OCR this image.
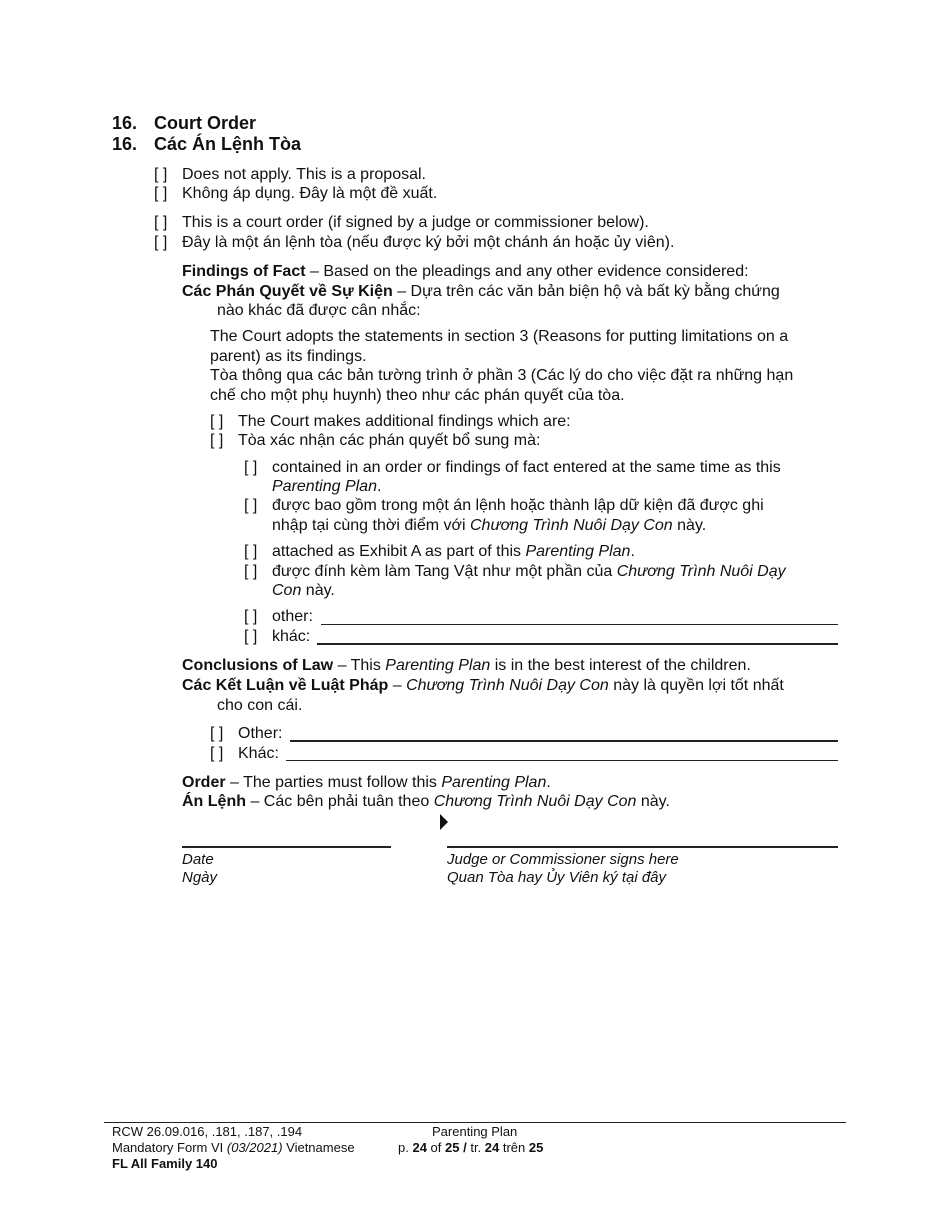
16. Court Order
16. Các Án Lệnh Tòa
[ ] Does not apply. This is a proposal.
[ ] Không áp dụng. Đây là một đề xuất.
[ ] This is a court order (if signed by a judge or commissioner below).
[ ] Đây là một án lệnh tòa (nếu được ký bởi một chánh án hoặc ủy viên).
Findings of Fact – Based on the pleadings and any other evidence considered:
Các Phán Quyết về Sự Kiện – Dựa trên các văn bản biện hộ và bất kỳ bằng chứng
nào khác đã được cân nhắc:
The Court adopts the statements in section 3 (Reasons for putting limitations on a
parent) as its findings.
Tòa thông qua các bản tường trình ở phần 3 (Các lý do cho việc đặt ra những hạn
chế cho một phụ huynh) theo như các phán quyết của tòa.
[ ] The Court makes additional findings which are:
[ ] Tòa xác nhận các phán quyết bổ sung mà:
[ ] contained in an order or findings of fact entered at the same time as this
Parenting Plan.
[ ] được bao gồm trong một án lệnh hoặc thành lập dữ kiện đã được ghi
nhập tại cùng thời điểm với Chương Trình Nuôi Dạy Con này.
[ ] attached as Exhibit A as part of this Parenting Plan.
[ ] được đính kèm làm Tang Vật như một phần của Chương Trình Nuôi Dạy
Con này.
[ ] other:
[ ] khác:
Conclusions of Law – This Parenting Plan is in the best interest of the children.
Các Kết Luận về Luật Pháp – Chương Trình Nuôi Dạy Con này là quyền lợi tốt nhất
cho con cái.
[ ] Other:
[ ] Khác:
Order – The parties must follow this Parenting Plan.
Án Lệnh – Các bên phải tuân theo Chương Trình Nuôi Dạy Con này.
Date
Ngày
Judge or Commissioner signs here
Quan Tòa hay Ủy Viên ký tại đây
RCW 26.09.016, .181, .187, .194
Mandatory Form VI (03/2021) Vietnamese
FL All Family 140
Parenting Plan
p. 24 of 25 / tr. 24 trên 25
